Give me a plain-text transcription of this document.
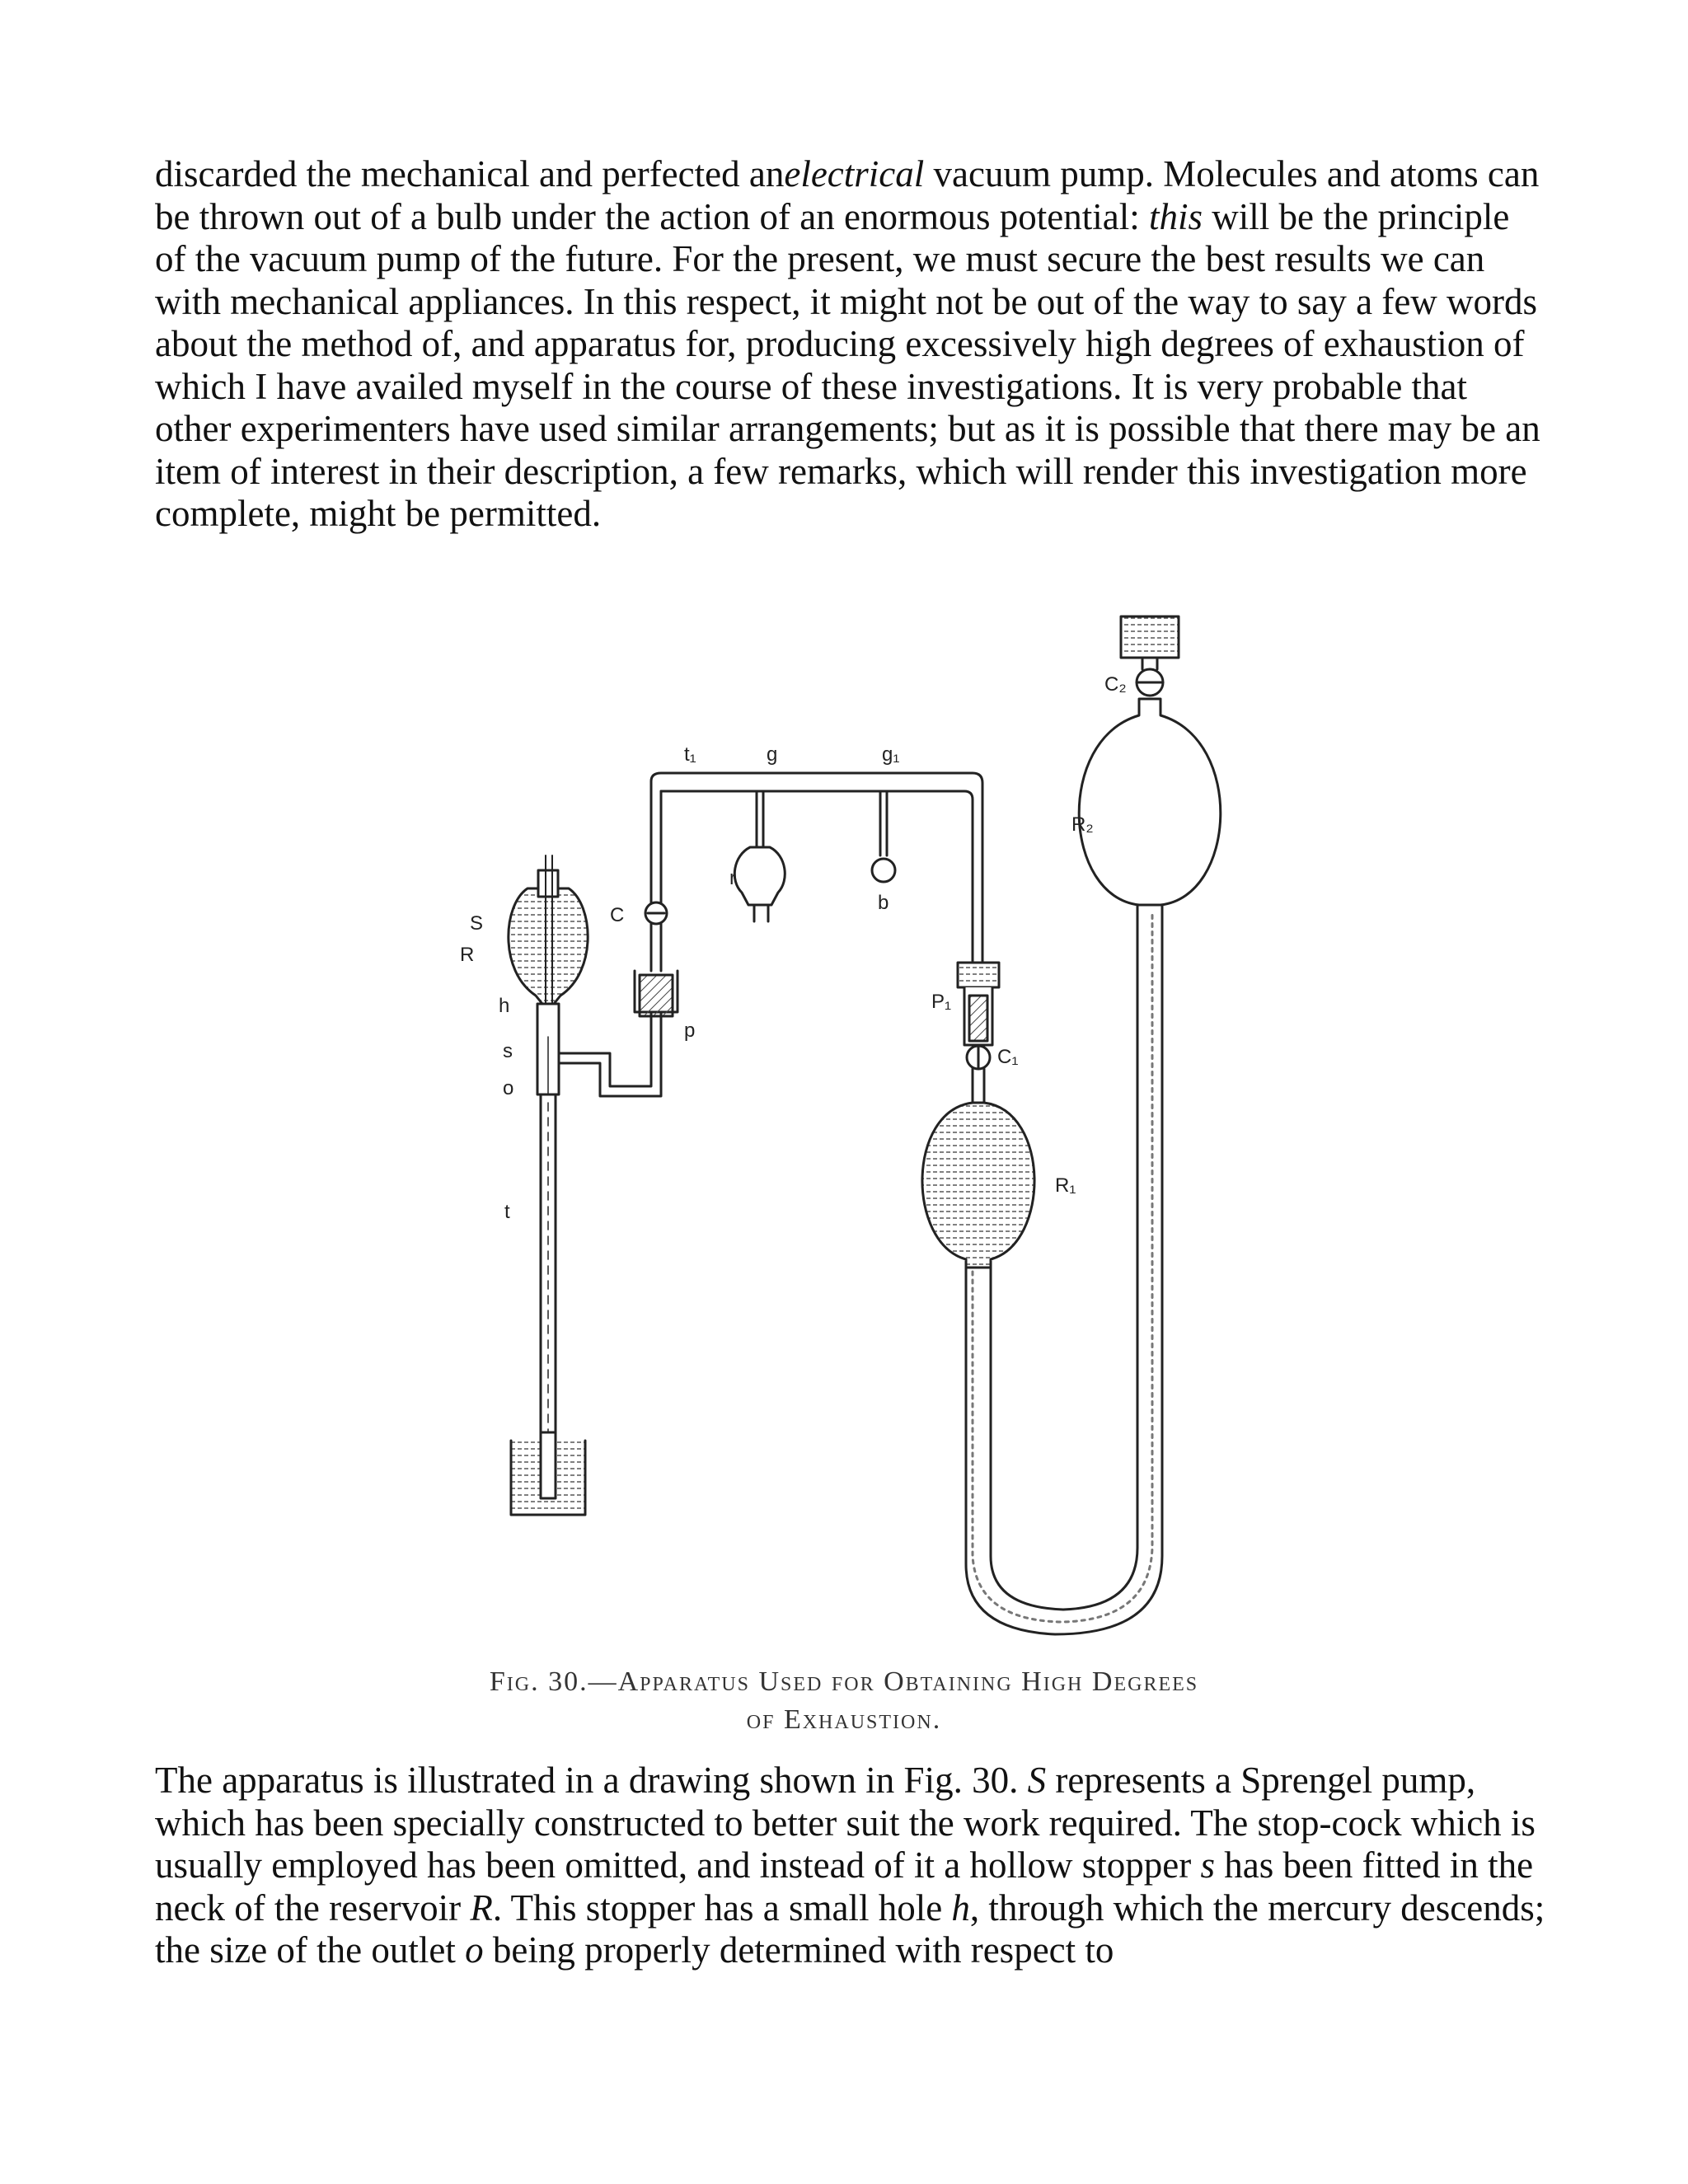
discarded the mechanical and perfected anelectrical vacuum pump. Molecules and atoms can be thrown out of a bulb under the action of an enormous potential: this will be the principle of the vacuum pump of the future. For the present, we must secure the best results we can with mechanical appliances. In this respect, it might not be out of the way to say a few words about the method of, and apparatus for, producing excessively high degrees of exhaustion of which I have availed myself in the course of these investigations. It is very probable that other experimenters have used similar arrangements; but as it is possible that there may be an item of interest in their description, a few remarks, which will render this investigation more complete, might be permitted.

S
R
h
s
o
t
C
p
t₁	g	g₁
r
b
P₁
C₁
R₁
R₂
C₂
Fig. 30.—Apparatus Used for Obtaining High Degrees
of Exhaustion.

The apparatus is illustrated in a drawing shown in Fig. 30. S represents a Sprengel pump, which has been specially constructed to better suit the work required. The stop-cock which is usually employed has been omitted, and instead of it a hollow stopper s has been fitted in the neck of the reservoir R. This stopper has a small hole h, through which the mercury descends; the size of the outlet o being properly determined with respect to
